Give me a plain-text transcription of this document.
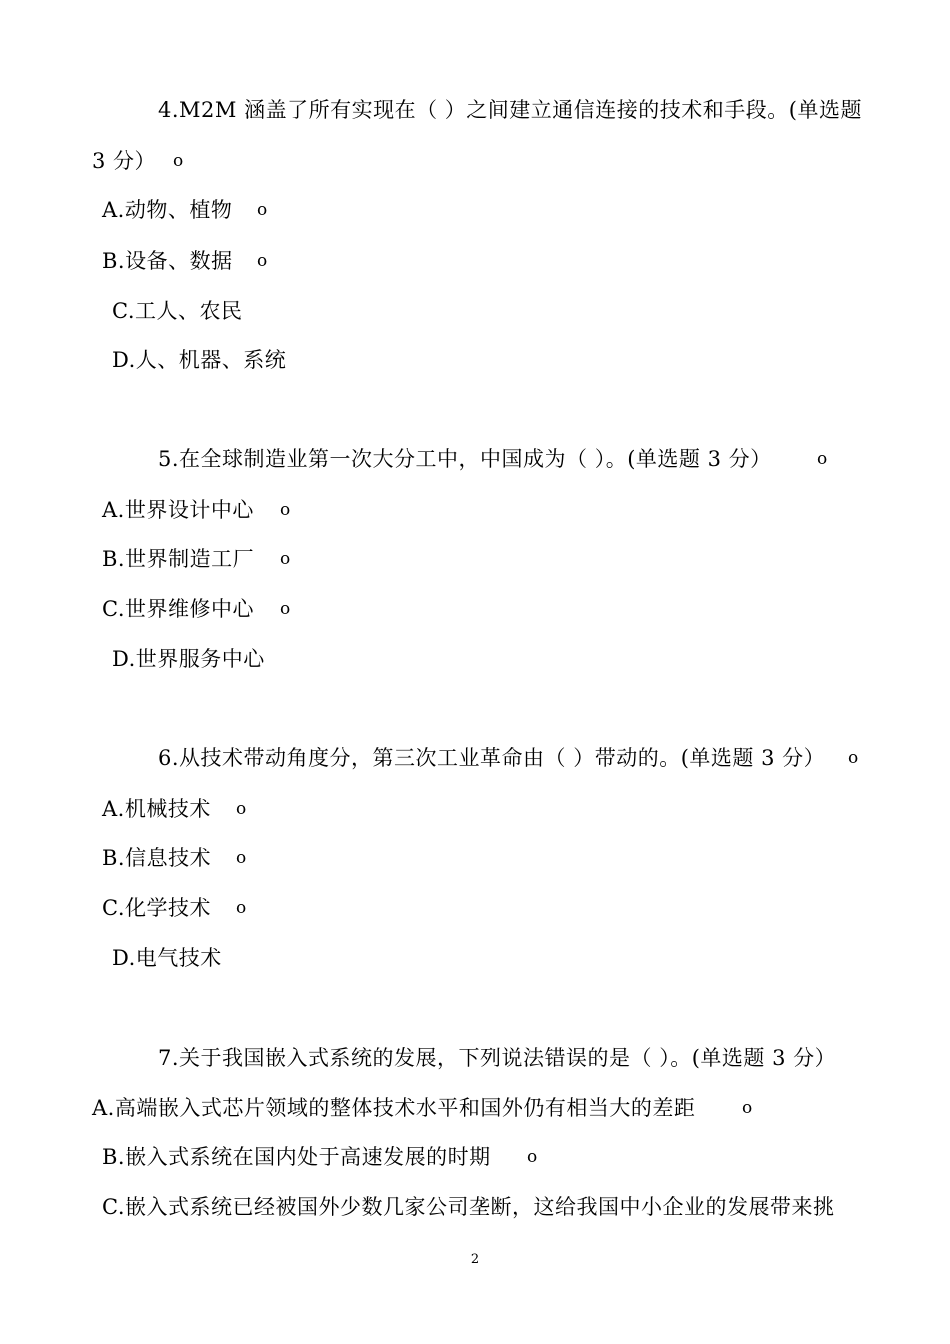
4.M2M 涵盖了所有实现在（ ）之间建立通信连接的技术和手段。(单选题
3 分） o
A.动物、植物 o
B.设备、数据 o
C.工人、农民
D.人、机器、系统
5.在全球制造业第一次大分工中，中国成为（ ）。(单选题 3 分）	o
A.世界设计中心 o
B.世界制造工厂 o
C.世界维修中心 o
D.世界服务中心
6.从技术带动角度分，第三次工业革命由（ ）带动的。(单选题 3 分） o
A.机械技术 o
B.信息技术 o
C.化学技术 o
D.电气技术
7.关于我国嵌入式系统的发展，下列说法错误的是（ ）。(单选题 3 分）
A.高端嵌入式芯片领域的整体技术水平和国外仍有相当大的差距	o
B.嵌入式系统在国内处于高速发展的时期 o
C.嵌入式系统已经被国外少数几家公司垄断，这给我国中小企业的发展带来挑
2
